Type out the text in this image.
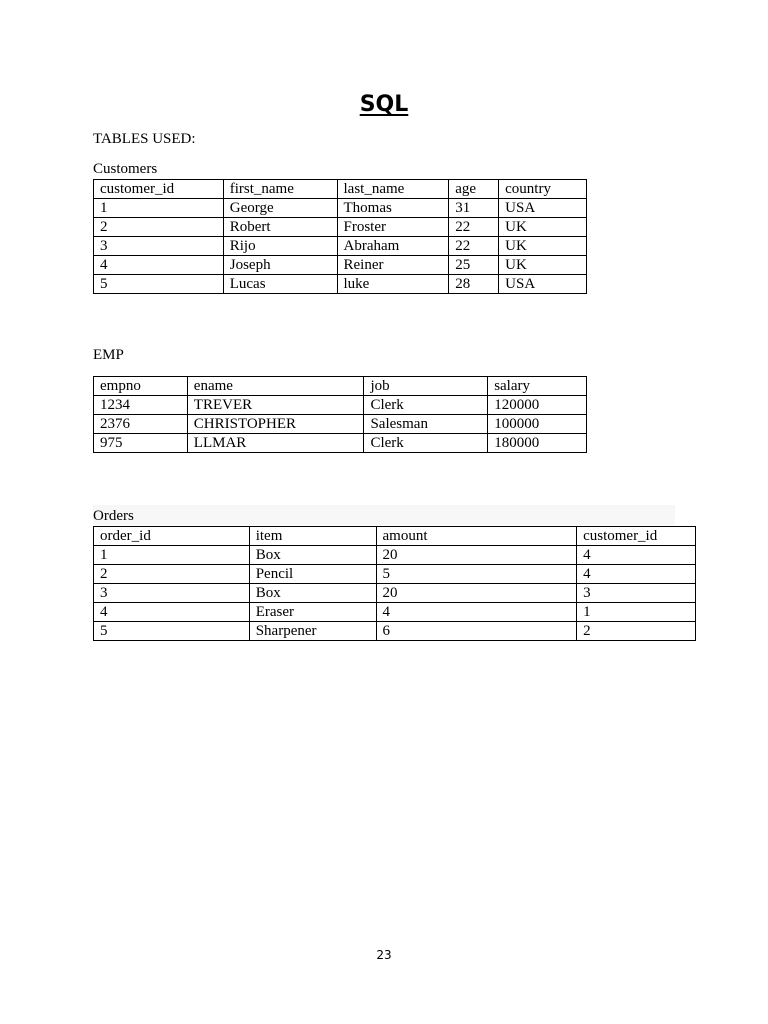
SQL

TABLES USED:

Customers

customer_id	first_name	last_name	age	country
1	George	Thomas	31	USA
2	Robert	Froster	22	UK
3	Rijo	Abraham	22	UK
4	Joseph	Reiner	25	UK
5	Lucas	luke	28	USA

EMP

empno	ename	job	salary
1234	TREVER	Clerk	120000
2376	CHRISTOPHER	Salesman	100000
975	LLMAR	Clerk	180000

Orders

order_id	item	amount	customer_id
1	Box	20	4
2	Pencil	5	4
3	Box	20	3
4	Eraser	4	1
5	Sharpener	6	2

23
